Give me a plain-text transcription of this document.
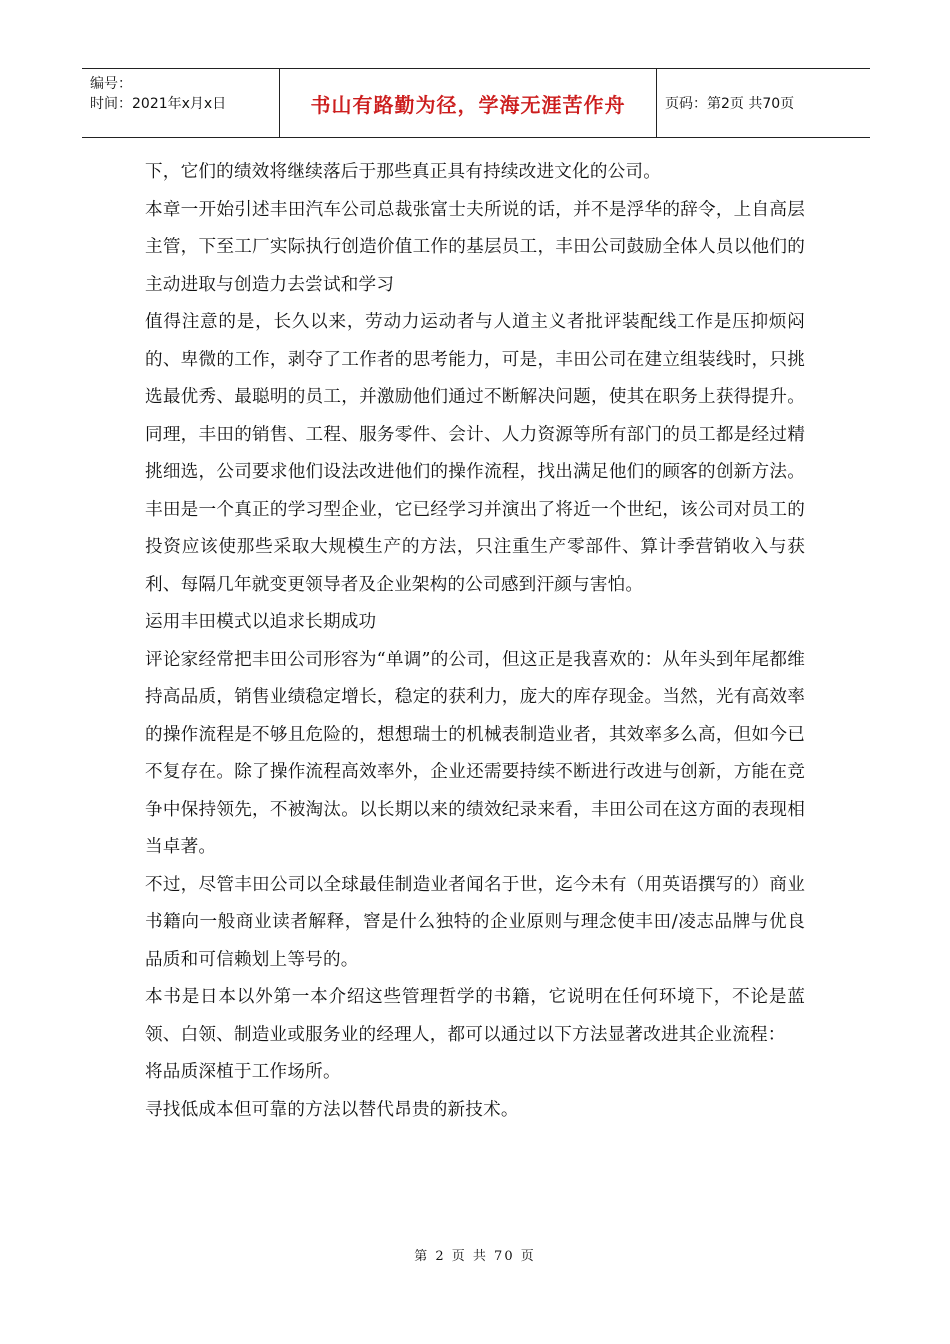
编号：
时间：2021年x月x日	书山有路勤为径，学海无涯苦作舟	页码：第2页 共70页

下，它们的绩效将继续落后于那些真正具有持续改进文化的公司。

本章一开始引述丰田汽车公司总裁张富士夫所说的话，并不是浮华的辞令，上自高层主管，下至工厂实际执行创造价值工作的基层员工，丰田公司鼓励全体人员以他们的主动进取与创造力去尝试和学习

值得注意的是，长久以来，劳动力运动者与人道主义者批评装配线工作是压抑烦闷的、卑微的工作，剥夺了工作者的思考能力，可是，丰田公司在建立组装线时，只挑选最优秀、最聪明的员工，并激励他们通过不断解决问题，使其在职务上获得提升。同理，丰田的销售、工程、服务零件、会计、人力资源等所有部门的员工都是经过精挑细选，公司要求他们设法改进他们的操作流程，找出满足他们的顾客的创新方法。丰田是一个真正的学习型企业，它已经学习并演出了将近一个世纪，该公司对员工的投资应该使那些采取大规模生产的方法，只注重生产零部件、算计季营销收入与获利、每隔几年就变更领导者及企业架构的公司感到汗颜与害怕。

运用丰田模式以追求长期成功

评论家经常把丰田公司形容为“单调”的公司，但这正是我喜欢的：从年头到年尾都维持高品质，销售业绩稳定增长，稳定的获利力，庞大的库存现金。当然，光有高效率的操作流程是不够且危险的，想想瑞士的机械表制造业者，其效率多么高，但如今已不复存在。除了操作流程高效率外，企业还需要持续不断进行改进与创新，方能在竞争中保持领先，不被淘汰。以长期以来的绩效纪录来看，丰田公司在这方面的表现相当卓著。

不过，尽管丰田公司以全球最佳制造业者闻名于世，迄今未有（用英语撰写的）商业书籍向一般商业读者解释，窨是什么独特的企业原则与理念使丰田/凌志品牌与优良品质和可信赖划上等号的。

本书是日本以外第一本介绍这些管理哲学的书籍，它说明在任何环境下，不论是蓝领、白领、制造业或服务业的经理人，都可以通过以下方法显著改进其企业流程：

将品质深植于工作场所。

寻找低成本但可靠的方法以替代昂贵的新技术。

第 2 页 共 70 页
